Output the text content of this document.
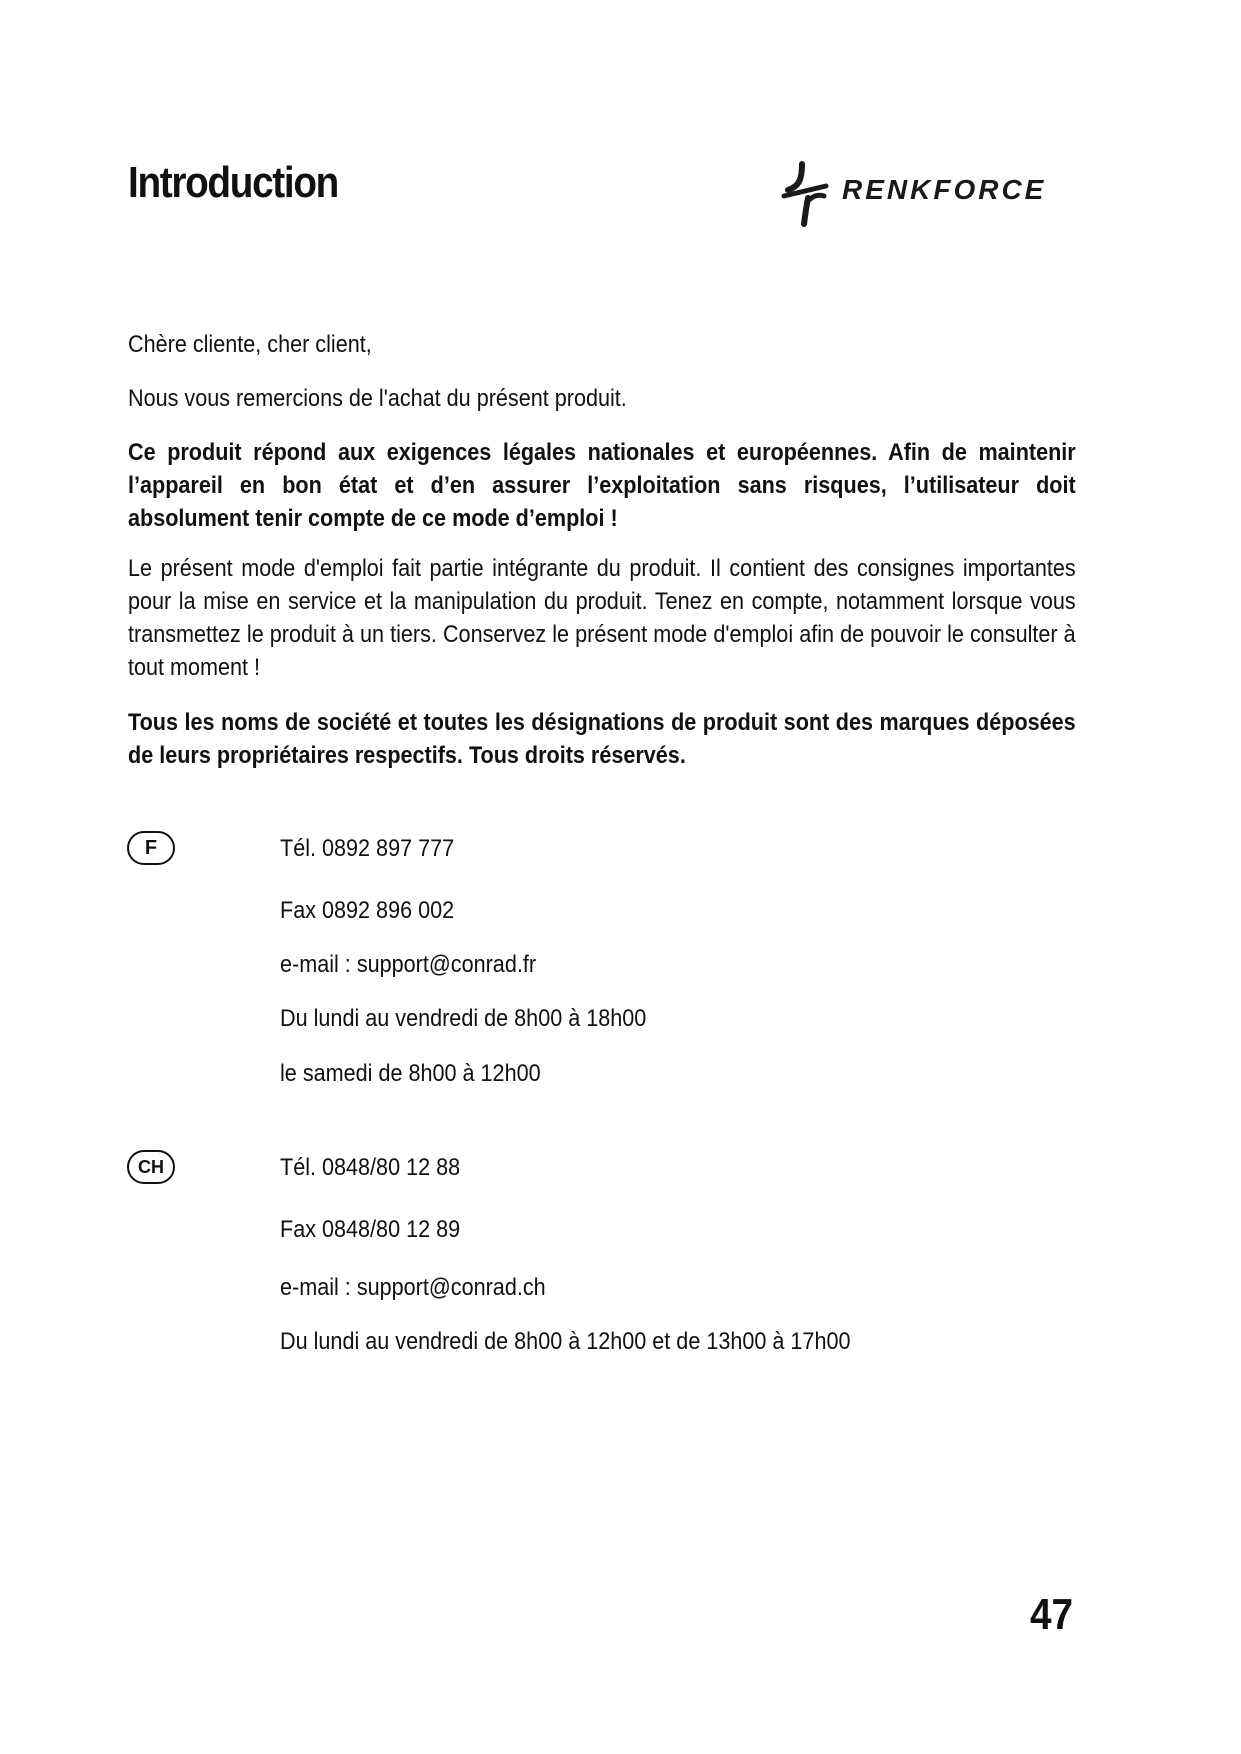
Introduction	renkforce

Chère cliente, cher client,

Nous vous remercions de l'achat du présent produit.

Ce produit répond aux exigences légales nationales et européennes. Afin de maintenir l’appareil en bon état et d’en assurer l’exploitation sans risques, l’utilisateur doit absolument tenir compte de ce mode d’emploi !

Le présent mode d'emploi fait partie intégrante du produit. Il contient des consignes importantes pour la mise en service et la manipulation du produit. Tenez en compte, notamment lorsque vous transmettez le produit à un tiers. Conservez le présent mode d'emploi afin de pouvoir le consulter à tout moment !

Tous les noms de société et toutes les désignations de produit sont des marques déposées de leurs propriétaires respectifs. Tous droits réservés.

F	Tél. 0892 897 777

Fax 0892 896 002

e-mail : support@conrad.fr

Du lundi au vendredi de 8h00 à 18h00

le samedi de 8h00 à 12h00

CH	Tél. 0848/80 12 88

Fax 0848/80 12 89

e-mail : support@conrad.ch

Du lundi au vendredi de 8h00 à 12h00 et de 13h00 à 17h00

47
